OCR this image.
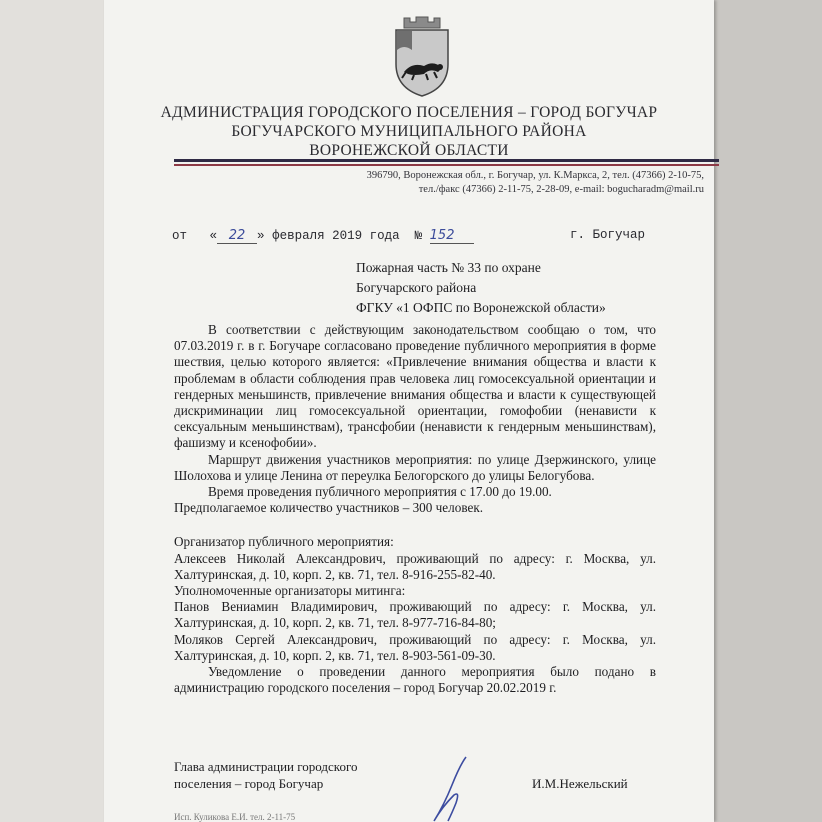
АДМИНИСТРАЦИЯ ГОРОДСКОГО ПОСЕЛЕНИЯ – ГОРОД БОГУЧАР
БОГУЧАРСКОГО МУНИЦИПАЛЬНОГО РАЙОНА
ВОРОНЕЖСКОЙ ОБЛАСТИ
396790, Воронежская обл., г. Богучар, ул. К.Маркса, 2, тел. (47366) 2-10-75,
тел./факс (47366) 2-11-75, 2-28-09, e-mail: bogucharadm@mail.ru
от « 22 » февраля 2019 года № 152	г. Богучар
Пожарная часть № 33 по охране
Богучарского района
ФГКУ «1 ОФПС по Воронежской области»

В соответствии с действующим законодательством сообщаю о том, что 07.03.2019 г. в г. Богучаре согласовано проведение публичного мероприятия в форме шествия, целью которого является: «Привлечение внимания общества и власти к проблемам в области соблюдения прав человека лиц гомосексуальной ориентации и гендерных меньшинств, привлечение внимания общества и власти к существующей дискриминации лиц гомосексуальной ориентации, гомофобии (ненависти к сексуальным меньшинствам), трансфобии (ненависти к гендерным меньшинствам), фашизму и ксенофобии».

Маршрут движения участников мероприятия: по улице Дзержинского, улице Шолохова и улице Ленина от переулка Белогорского до улицы Белогубова.

Время проведения публичного мероприятия с 17.00 до 19.00.

Предполагаемое количество участников – 300 человек.

Организатор публичного мероприятия:

Алексеев Николай Александрович, проживающий по адресу: г. Москва, ул. Халтуринская, д. 10, корп. 2, кв. 71, тел. 8-916-255-82-40.

Уполномоченные организаторы митинга:

Панов Вениамин Владимирович, проживающий по адресу: г. Москва, ул. Халтуринская, д. 10, корп. 2, кв. 71, тел. 8-977-716-84-80;

Моляков Сергей Александрович, проживающий по адресу: г. Москва, ул. Халтуринская, д. 10, корп. 2, кв. 71, тел. 8-903-561-09-30.

Уведомление о проведении данного мероприятия было подано в администрацию городского поселения – город Богучар 20.02.2019 г.

Глава администрации городского
поселения – город Богучар	И.М.Нежельский
Исп. Куликова Е.И. тел. 2-11-75
